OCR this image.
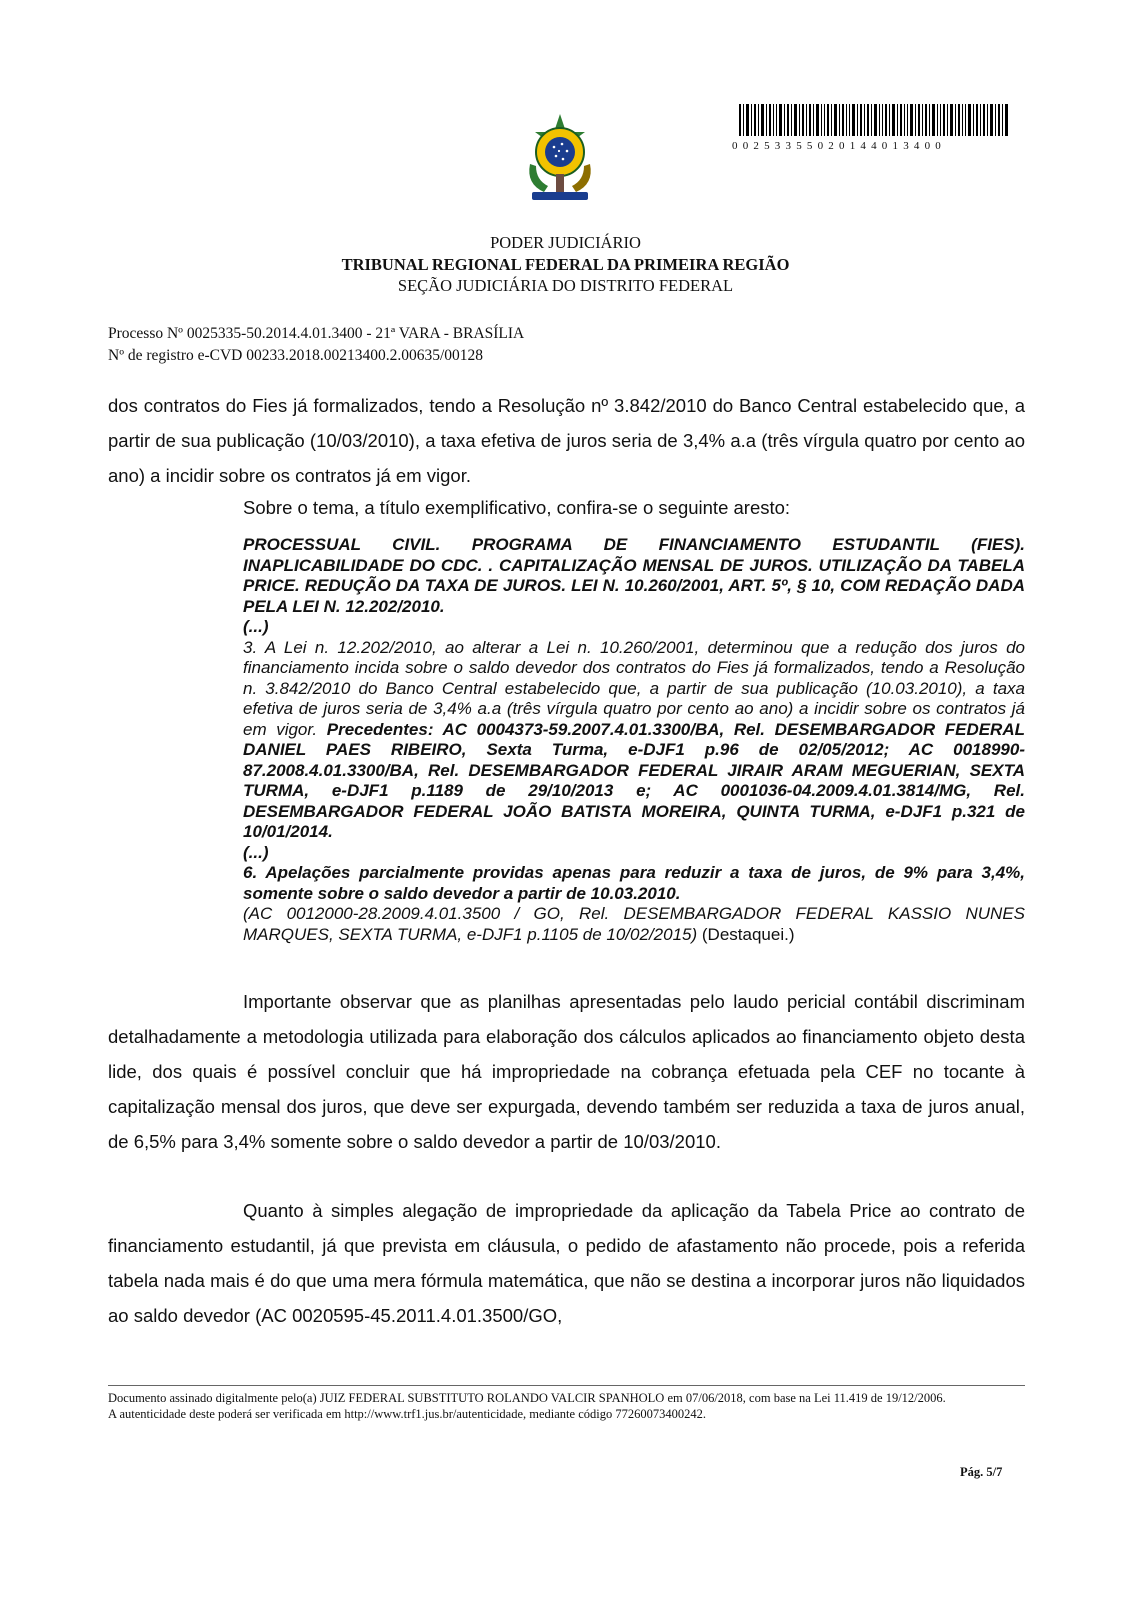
00253355020144013400
PODER JUDICIÁRIO
TRIBUNAL REGIONAL FEDERAL DA PRIMEIRA REGIÃO
SEÇÃO JUDICIÁRIA DO DISTRITO FEDERAL
Processo Nº 0025335-50.2014.4.01.3400 - 21ª VARA - BRASÍLIA
Nº de registro e-CVD 00233.2018.00213400.2.00635/00128

dos contratos do Fies já formalizados, tendo a Resolução nº 3.842/2010 do Banco Central estabelecido que, a partir de sua publicação (10/03/2010), a taxa efetiva de juros seria de 3,4% a.a (três vírgula quatro por cento ao ano) a incidir sobre os contratos já em vigor.

Sobre o tema, a título exemplificativo, confira-se o seguinte aresto:

PROCESSUAL CIVIL. PROGRAMA DE FINANCIAMENTO ESTUDANTIL (FIES). INAPLICABILIDADE DO CDC. . CAPITALIZAÇÃO MENSAL DE JUROS. UTILIZAÇÃO DA TABELA PRICE. REDUÇÃO DA TAXA DE JUROS. LEI N. 10.260/2001, ART. 5º, § 10, COM REDAÇÃO DADA PELA LEI N. 12.202/2010.

(...)

3. A Lei n. 12.202/2010, ao alterar a Lei n. 10.260/2001, determinou que a redução dos juros do financiamento incida sobre o saldo devedor dos contratos do Fies já formalizados, tendo a Resolução n. 3.842/2010 do Banco Central estabelecido que, a partir de sua publicação (10.03.2010), a taxa efetiva de juros seria de 3,4% a.a (três vírgula quatro por cento ao ano) a incidir sobre os contratos já em vigor. Precedentes: AC 0004373-59.2007.4.01.3300/BA, Rel. DESEMBARGADOR FEDERAL DANIEL PAES RIBEIRO, Sexta Turma, e-DJF1 p.96 de 02/05/2012; AC 0018990-87.2008.4.01.3300/BA, Rel. DESEMBARGADOR FEDERAL JIRAIR ARAM MEGUERIAN, SEXTA TURMA, e-DJF1 p.1189 de 29/10/2013 e; AC 0001036-04.2009.4.01.3814/MG, Rel. DESEMBARGADOR FEDERAL JOÃO BATISTA MOREIRA, QUINTA TURMA, e-DJF1 p.321 de 10/01/2014.

(...)

6. Apelações parcialmente providas apenas para reduzir a taxa de juros, de 9% para 3,4%, somente sobre o saldo devedor a partir de 10.03.2010.

(AC 0012000-28.2009.4.01.3500 / GO, Rel. DESEMBARGADOR FEDERAL KASSIO NUNES MARQUES, SEXTA TURMA, e-DJF1 p.1105 de 10/02/2015) (Destaquei.)

Importante observar que as planilhas apresentadas pelo laudo pericial contábil discriminam detalhadamente a metodologia utilizada para elaboração dos cálculos aplicados ao financiamento objeto desta lide, dos quais é possível concluir que há impropriedade na cobrança efetuada pela CEF no tocante à capitalização mensal dos juros, que deve ser expurgada, devendo também ser reduzida a taxa de juros anual, de 6,5% para 3,4% somente sobre o saldo devedor a partir de 10/03/2010.

Quanto à simples alegação de impropriedade da aplicação da Tabela Price ao contrato de financiamento estudantil, já que prevista em cláusula, o pedido de afastamento não procede, pois a referida tabela nada mais é do que uma mera fórmula matemática, que não se destina a incorporar juros não liquidados ao saldo devedor (AC 0020595-45.2011.4.01.3500/GO,

Documento assinado digitalmente pelo(a) JUIZ FEDERAL SUBSTITUTO ROLANDO VALCIR SPANHOLO em 07/06/2018, com base na Lei 11.419 de 19/12/2006.
A autenticidade deste poderá ser verificada em http://www.trf1.jus.br/autenticidade, mediante código 77260073400242.
Pág. 5/7
